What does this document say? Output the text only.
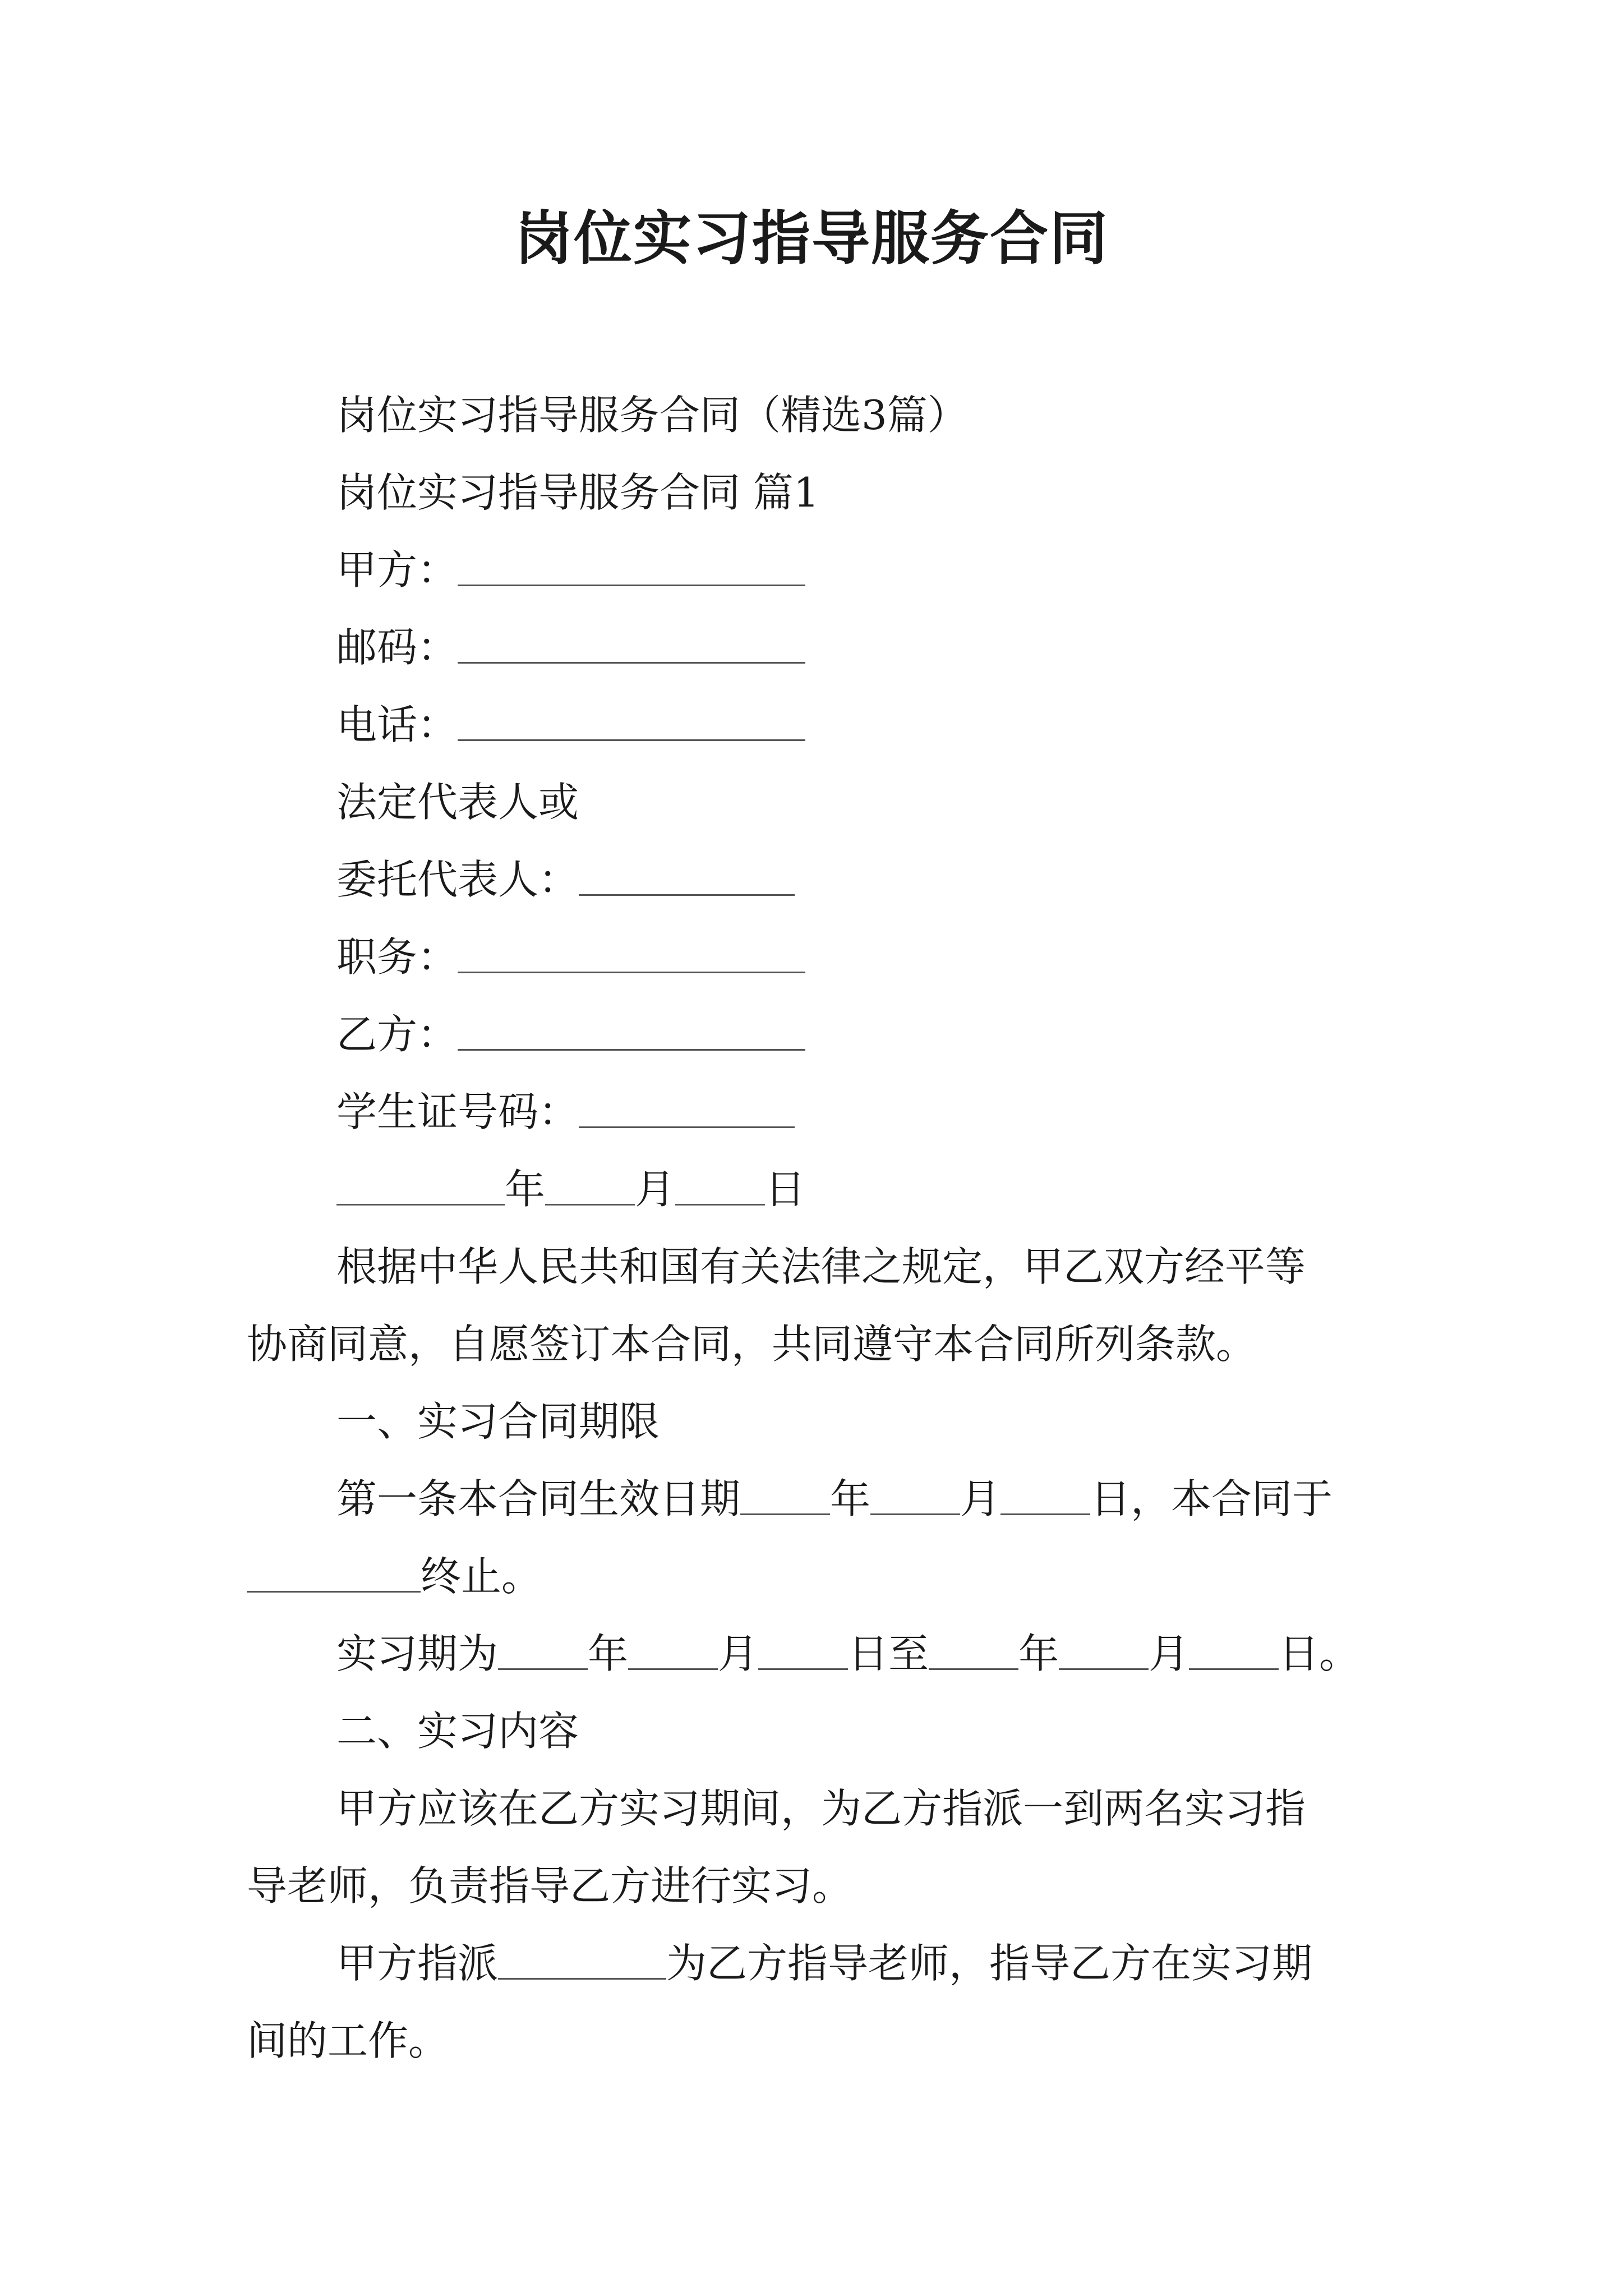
岗位实习指导服务合同

岗位实习指导服务合同（精选3篇）

岗位实习指导服务合同 篇1

甲方：

邮码：

电话：

法定代表人或

委托代表人：

职务：

乙方：

学生证号码：

年 月 日

根据中华人民共和国有关法律之规定，甲乙双方经平等

协商同意，自愿签订本合同，共同遵守本合同所列条款。

一、实习合同期限

第一条本合同生效日期 年 月 日，本合同于

终止。

实习期为 年 月 日至 年 月 日。

二、实习内容

甲方应该在乙方实习期间，为乙方指派一到两名实习指

导老师，负责指导乙方进行实习。

甲方指派	为乙方指导老师，指导乙方在实习期

间的工作。
